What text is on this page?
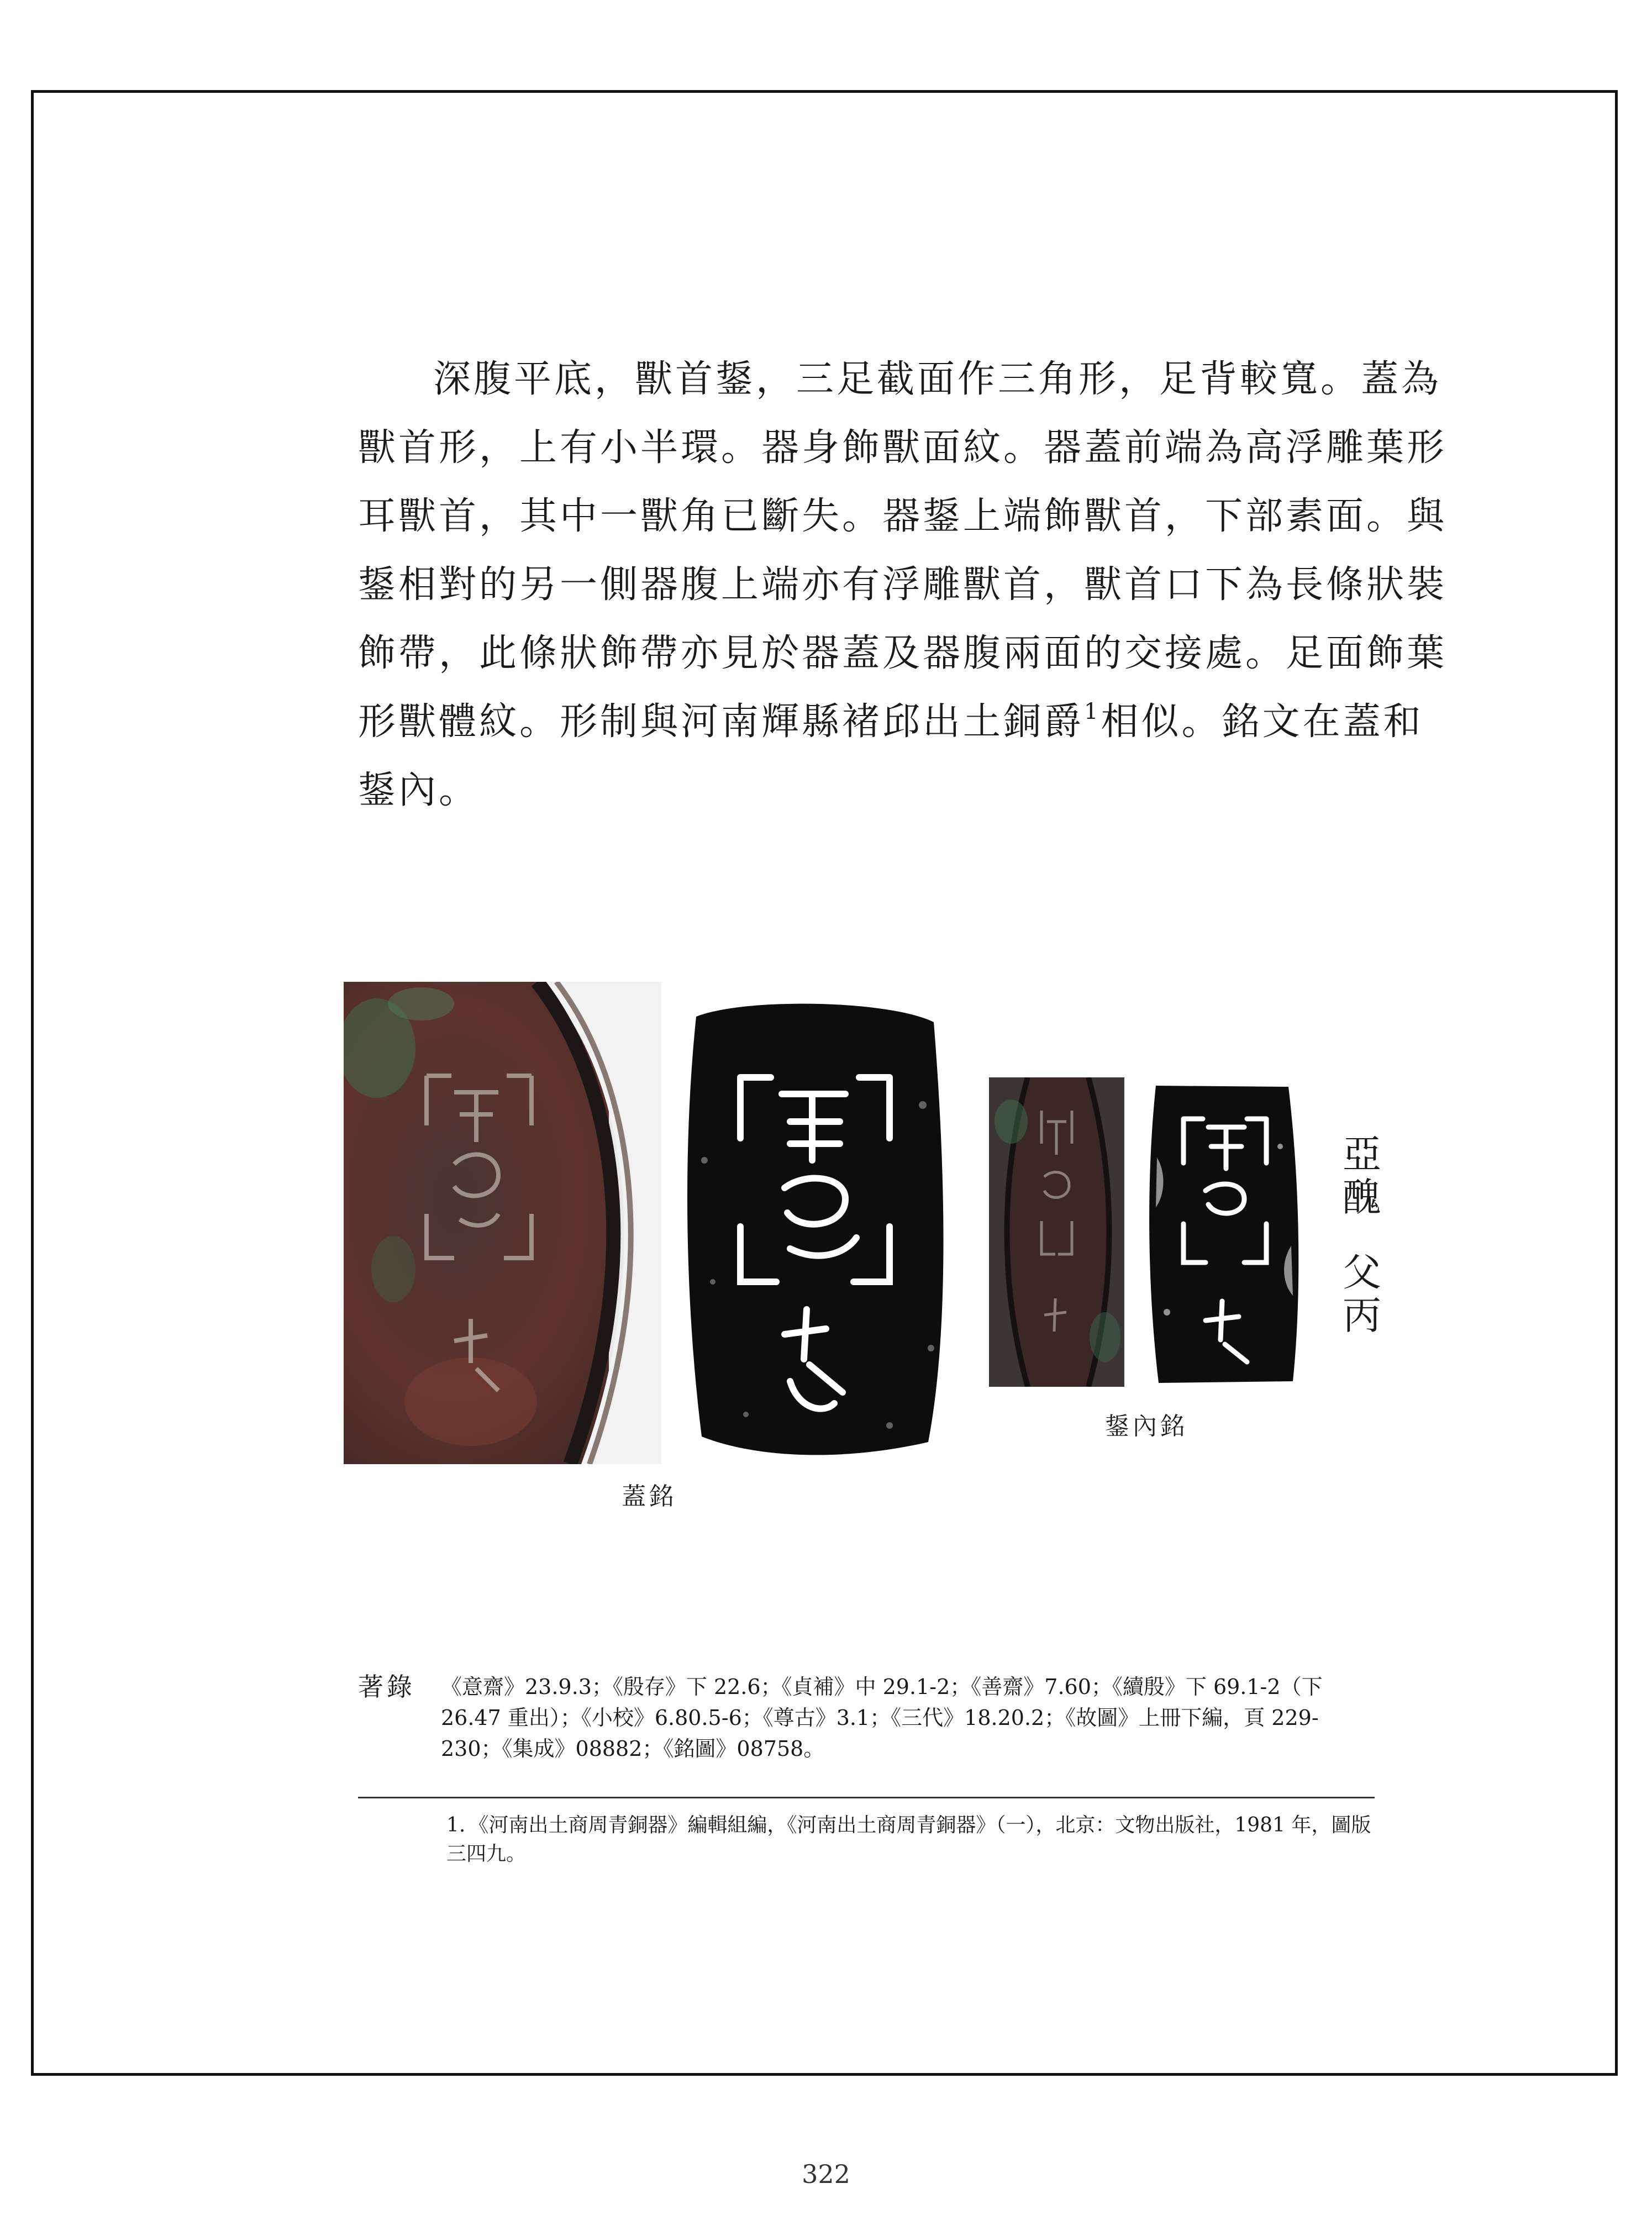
深腹平底，獸首鋬，三足截面作三角形，足背較寬。蓋為
獸首形，上有小半環。器身飾獸面紋。器蓋前端為高浮雕葉形
耳獸首，其中一獸角已斷失。器鋬上端飾獸首，下部素面。與
鋬相對的另一側器腹上端亦有浮雕獸首，獸首口下為長條狀裝
飾帶，此條狀飾帶亦見於器蓋及器腹兩面的交接處。足面飾葉
形獸體紋。形制與河南輝縣褚邱出土銅爵$^1$相似。銘文在蓋和
鋬內。

蓋銘
鋬內銘
亞
醜
父
丙
著錄 《意齋》23.9.3；《殷存》下 22.6；《貞補》中 29.1-2；《善齋》7.60；《續殷》下 69.1-2（下 26.47 重出）；《小校》6.80.5-6；《尊古》3.1；《三代》18.20.2；《故圖》上冊下編，頁 229-230；《集成》08882；《銘圖》08758。
1. 《河南出土商周青銅器》編輯組編，《河南出土商周青銅器》（一），北京：文物出版社，1981 年，圖版三四九。
322
